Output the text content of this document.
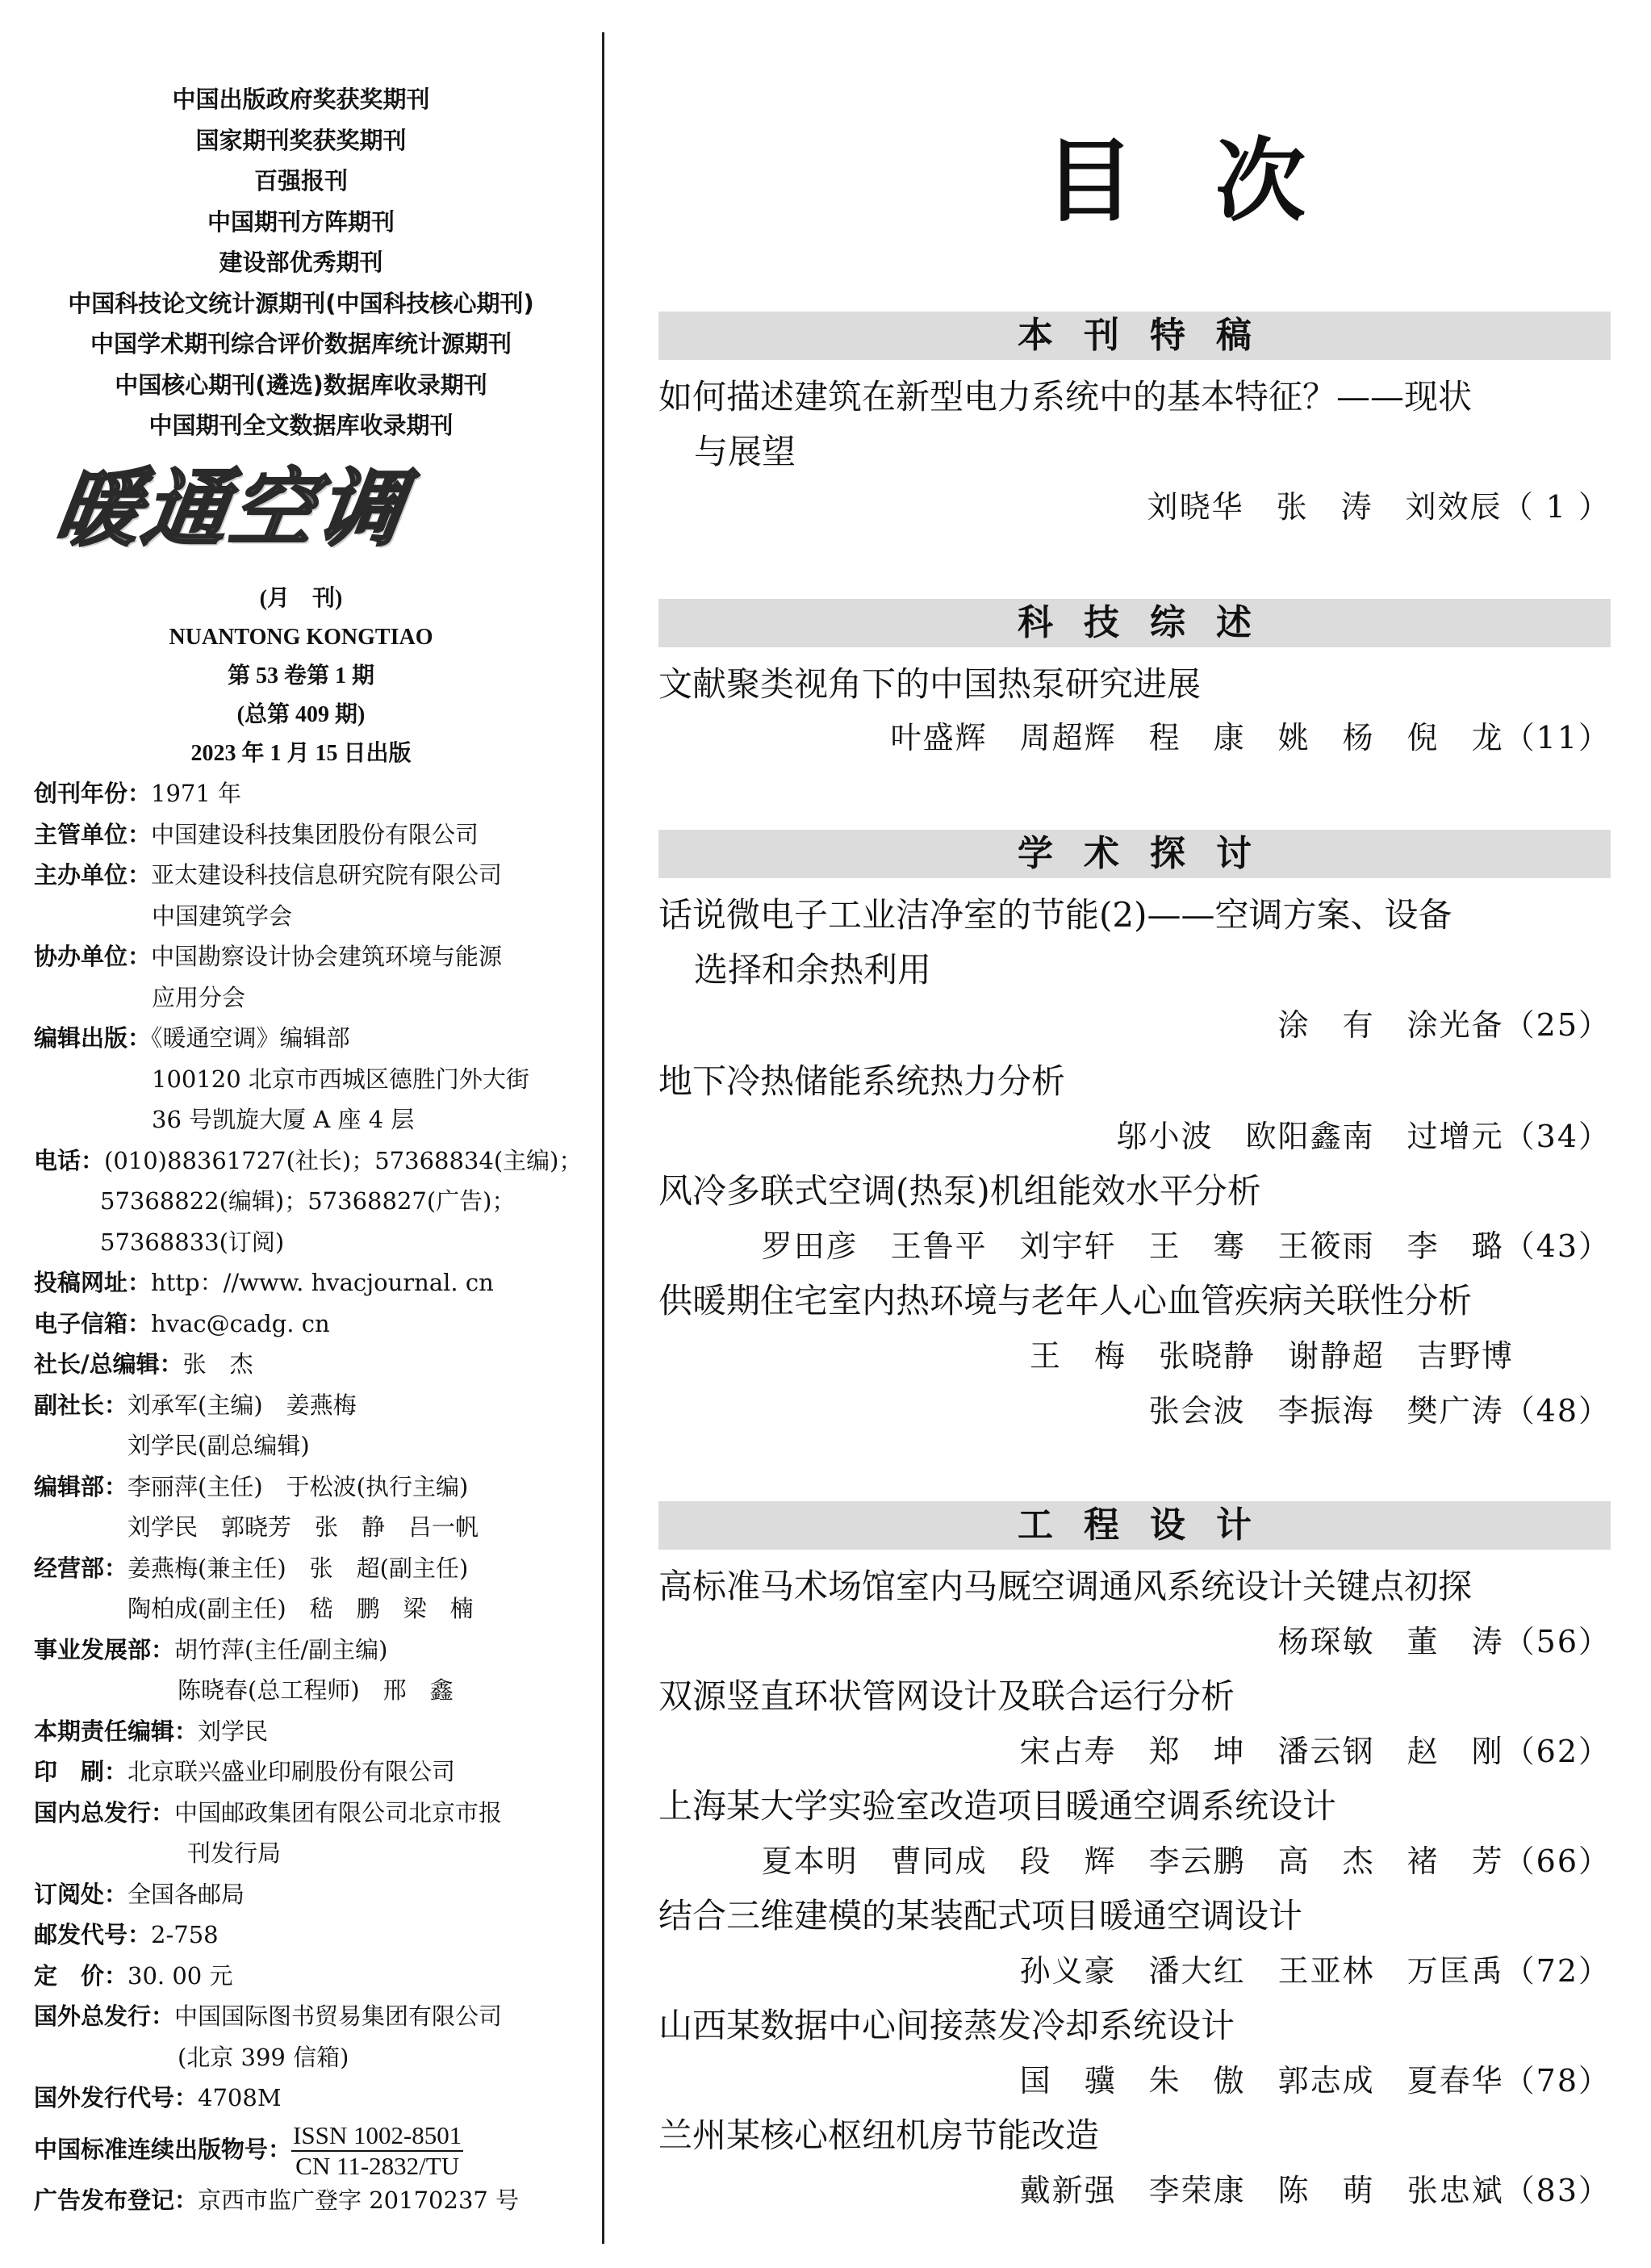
中国出版政府奖获奖期刊
国家期刊奖获奖期刊
百强报刊
中国期刊方阵期刊
建设部优秀期刊
中国科技论文统计源期刊(中国科技核心期刊)
中国学术期刊综合评价数据库统计源期刊
中国核心期刊(遴选)数据库收录期刊
中国期刊全文数据库收录期刊
暖通空调
(月　刊)
NUANTONG KONGTIAO
第 53 卷第 1 期
(总第 409 期)
2023 年 1 月 15 日出版
创刊年份：1971 年
主管单位：中国建设科技集团股份有限公司
主办单位：亚太建设科技信息研究院有限公司
中国建筑学会
协办单位：中国勘察设计协会建筑环境与能源
应用分会
编辑出版：《暖通空调》编辑部
100120 北京市西城区德胜门外大街
36 号凯旋大厦 A 座 4 层
电话：(010)88361727(社长)；57368834(主编)；
57368822(编辑)；57368827(广告)；
57368833(订阅)
投稿网址：http：//www. hvacjournal. cn
电子信箱：hvac@cadg. cn
社长/总编辑：张　杰
副社长：刘承军(主编)　姜燕梅
刘学民(副总编辑)
编辑部：李丽萍(主任)　于松波(执行主编)
刘学民　郭晓芳　张　静　吕一帆
经营部：姜燕梅(兼主任)　张　超(副主任)
陶柏成(副主任)　嵇　鹏　梁　楠
事业发展部：胡竹萍(主任/副主编)
陈晓春(总工程师)　邢　鑫
本期责任编辑：刘学民
印　刷：北京联兴盛业印刷股份有限公司
国内总发行：中国邮政集团有限公司北京市报
刊发行局
订阅处：全国各邮局
邮发代号：2-758
定　价：30. 00 元
国外总发行：中国国际图书贸易集团有限公司
(北京 399 信箱)
国外发行代号：4708M
中国标准连续出版物号： ISSN 1002-8501
CN 11-2832/TU
广告发布登记：京西市监广登字 20170237 号
目次
本刊特稿
如何描述建筑在新型电力系统中的基本特征？——现状
与展望
刘晓华　张　涛　刘效辰（ 1 ）
科技综述
文献聚类视角下的中国热泵研究进展
叶盛辉　周超辉　程　康　姚　杨　倪　龙（11）
学术探讨
话说微电子工业洁净室的节能(2)——空调方案、设备
选择和余热利用
涂　有　涂光备（25）
地下冷热储能系统热力分析
邬小波　欧阳鑫南　过增元（34）
风冷多联式空调(热泵)机组能效水平分析
罗田彦　王鲁平　刘宇轩　王　骞　王筱雨　李　璐（43）
供暖期住宅室内热环境与老年人心血管疾病关联性分析
王　梅　张晓静　谢静超　吉野博　　　
张会波　李振海　樊广涛（48）
工程设计
高标准马术场馆室内马厩空调通风系统设计关键点初探
杨琛敏　董　涛（56）
双源竖直环状管网设计及联合运行分析
宋占寿　郑　坤　潘云钢　赵　刚（62）
上海某大学实验室改造项目暖通空调系统设计
夏本明　曹同成　段　辉　李云鹏　高　杰　褚　芳（66）
结合三维建模的某装配式项目暖通空调设计
孙义豪　潘大红　王亚林　万匡禹（72）
山西某数据中心间接蒸发冷却系统设计
国　骥　朱　傲　郭志成　夏春华（78）
兰州某核心枢纽机房节能改造
戴新强　李荣康　陈　萌　张忠斌（83）
